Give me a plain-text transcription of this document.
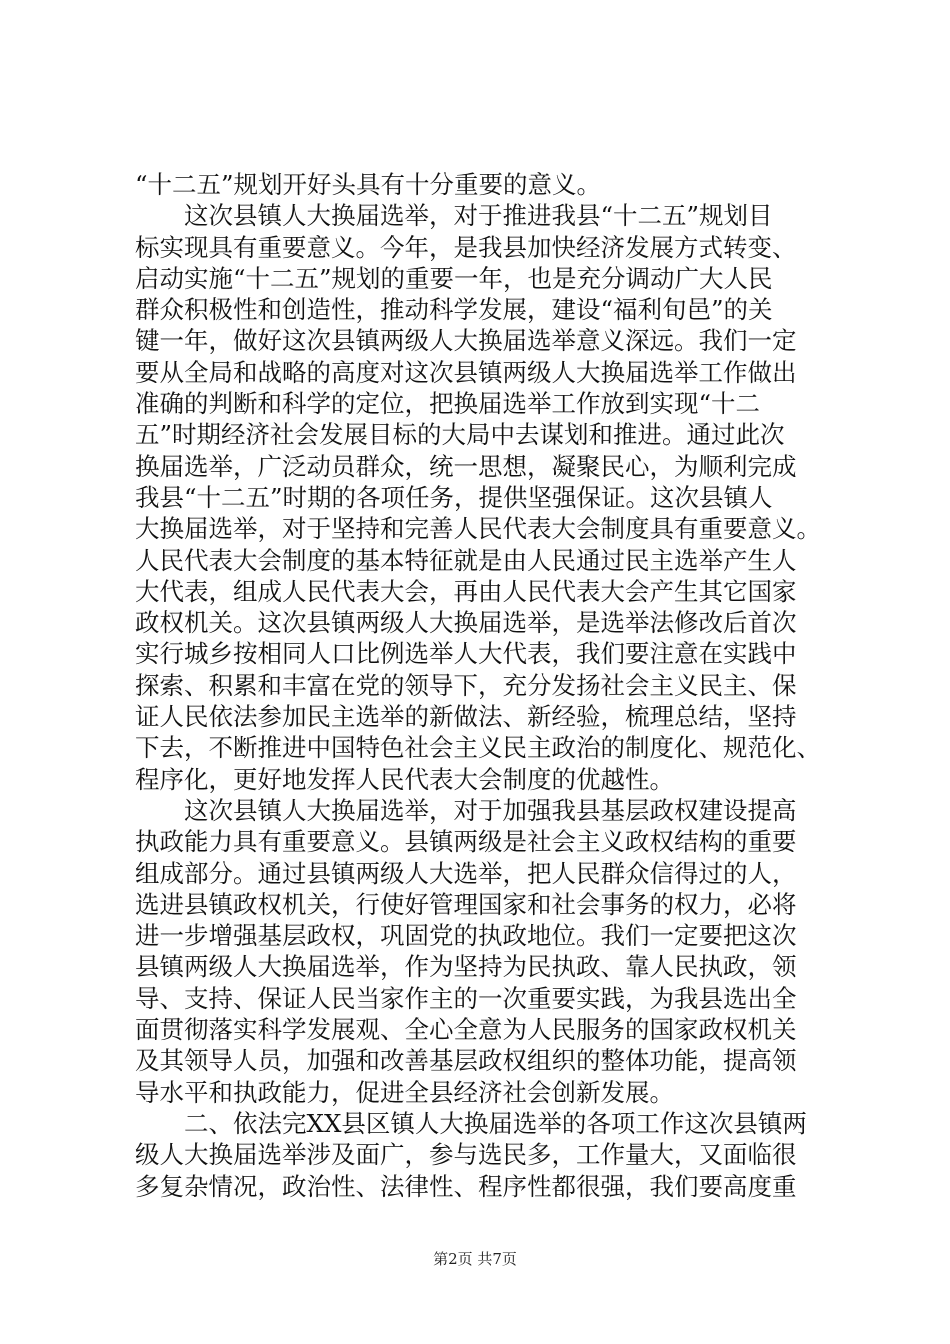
“十二五”规划开好头具有十分重要的意义。
这次县镇人大换届选举，对于推进我县“十二五”规划目
标实现具有重要意义。今年，是我县加快经济发展方式转变、
启动实施“十二五”规划的重要一年，也是充分调动广大人民
群众积极性和创造性，推动科学发展，建设“福利旬邑”的关
键一年，做好这次县镇两级人大换届选举意义深远。我们一定
要从全局和战略的高度对这次县镇两级人大换届选举工作做出
准确的判断和科学的定位，把换届选举工作放到实现“十二
五”时期经济社会发展目标的大局中去谋划和推进。通过此次
换届选举，广泛动员群众，统一思想，凝聚民心，为顺利完成
我县“十二五”时期的各项任务，提供坚强保证。这次县镇人
大换届选举，对于坚持和完善人民代表大会制度具有重要意义。
人民代表大会制度的基本特征就是由人民通过民主选举产生人
大代表，组成人民代表大会，再由人民代表大会产生其它国家
政权机关。这次县镇两级人大换届选举，是选举法修改后首次
实行城乡按相同人口比例选举人大代表，我们要注意在实践中
探索、积累和丰富在党的领导下，充分发扬社会主义民主、保
证人民依法参加民主选举的新做法、新经验，梳理总结，坚持
下去，不断推进中国特色社会主义民主政治的制度化、规范化、
程序化，更好地发挥人民代表大会制度的优越性。
这次县镇人大换届选举，对于加强我县基层政权建设提高
执政能力具有重要意义。县镇两级是社会主义政权结构的重要
组成部分。通过县镇两级人大选举，把人民群众信得过的人，
选进县镇政权机关，行使好管理国家和社会事务的权力，必将
进一步增强基层政权，巩固党的执政地位。我们一定要把这次
县镇两级人大换届选举，作为坚持为民执政、靠人民执政，领
导、支持、保证人民当家作主的一次重要实践，为我县选出全
面贯彻落实科学发展观、全心全意为人民服务的国家政权机关
及其领导人员，加强和改善基层政权组织的整体功能，提高领
导水平和执政能力，促进全县经济社会创新发展。
二、依法完XX县区镇人大换届选举的各项工作这次县镇两
级人大换届选举涉及面广，参与选民多，工作量大，又面临很
多复杂情况，政治性、法律性、程序性都很强，我们要高度重
第2页 共7页
